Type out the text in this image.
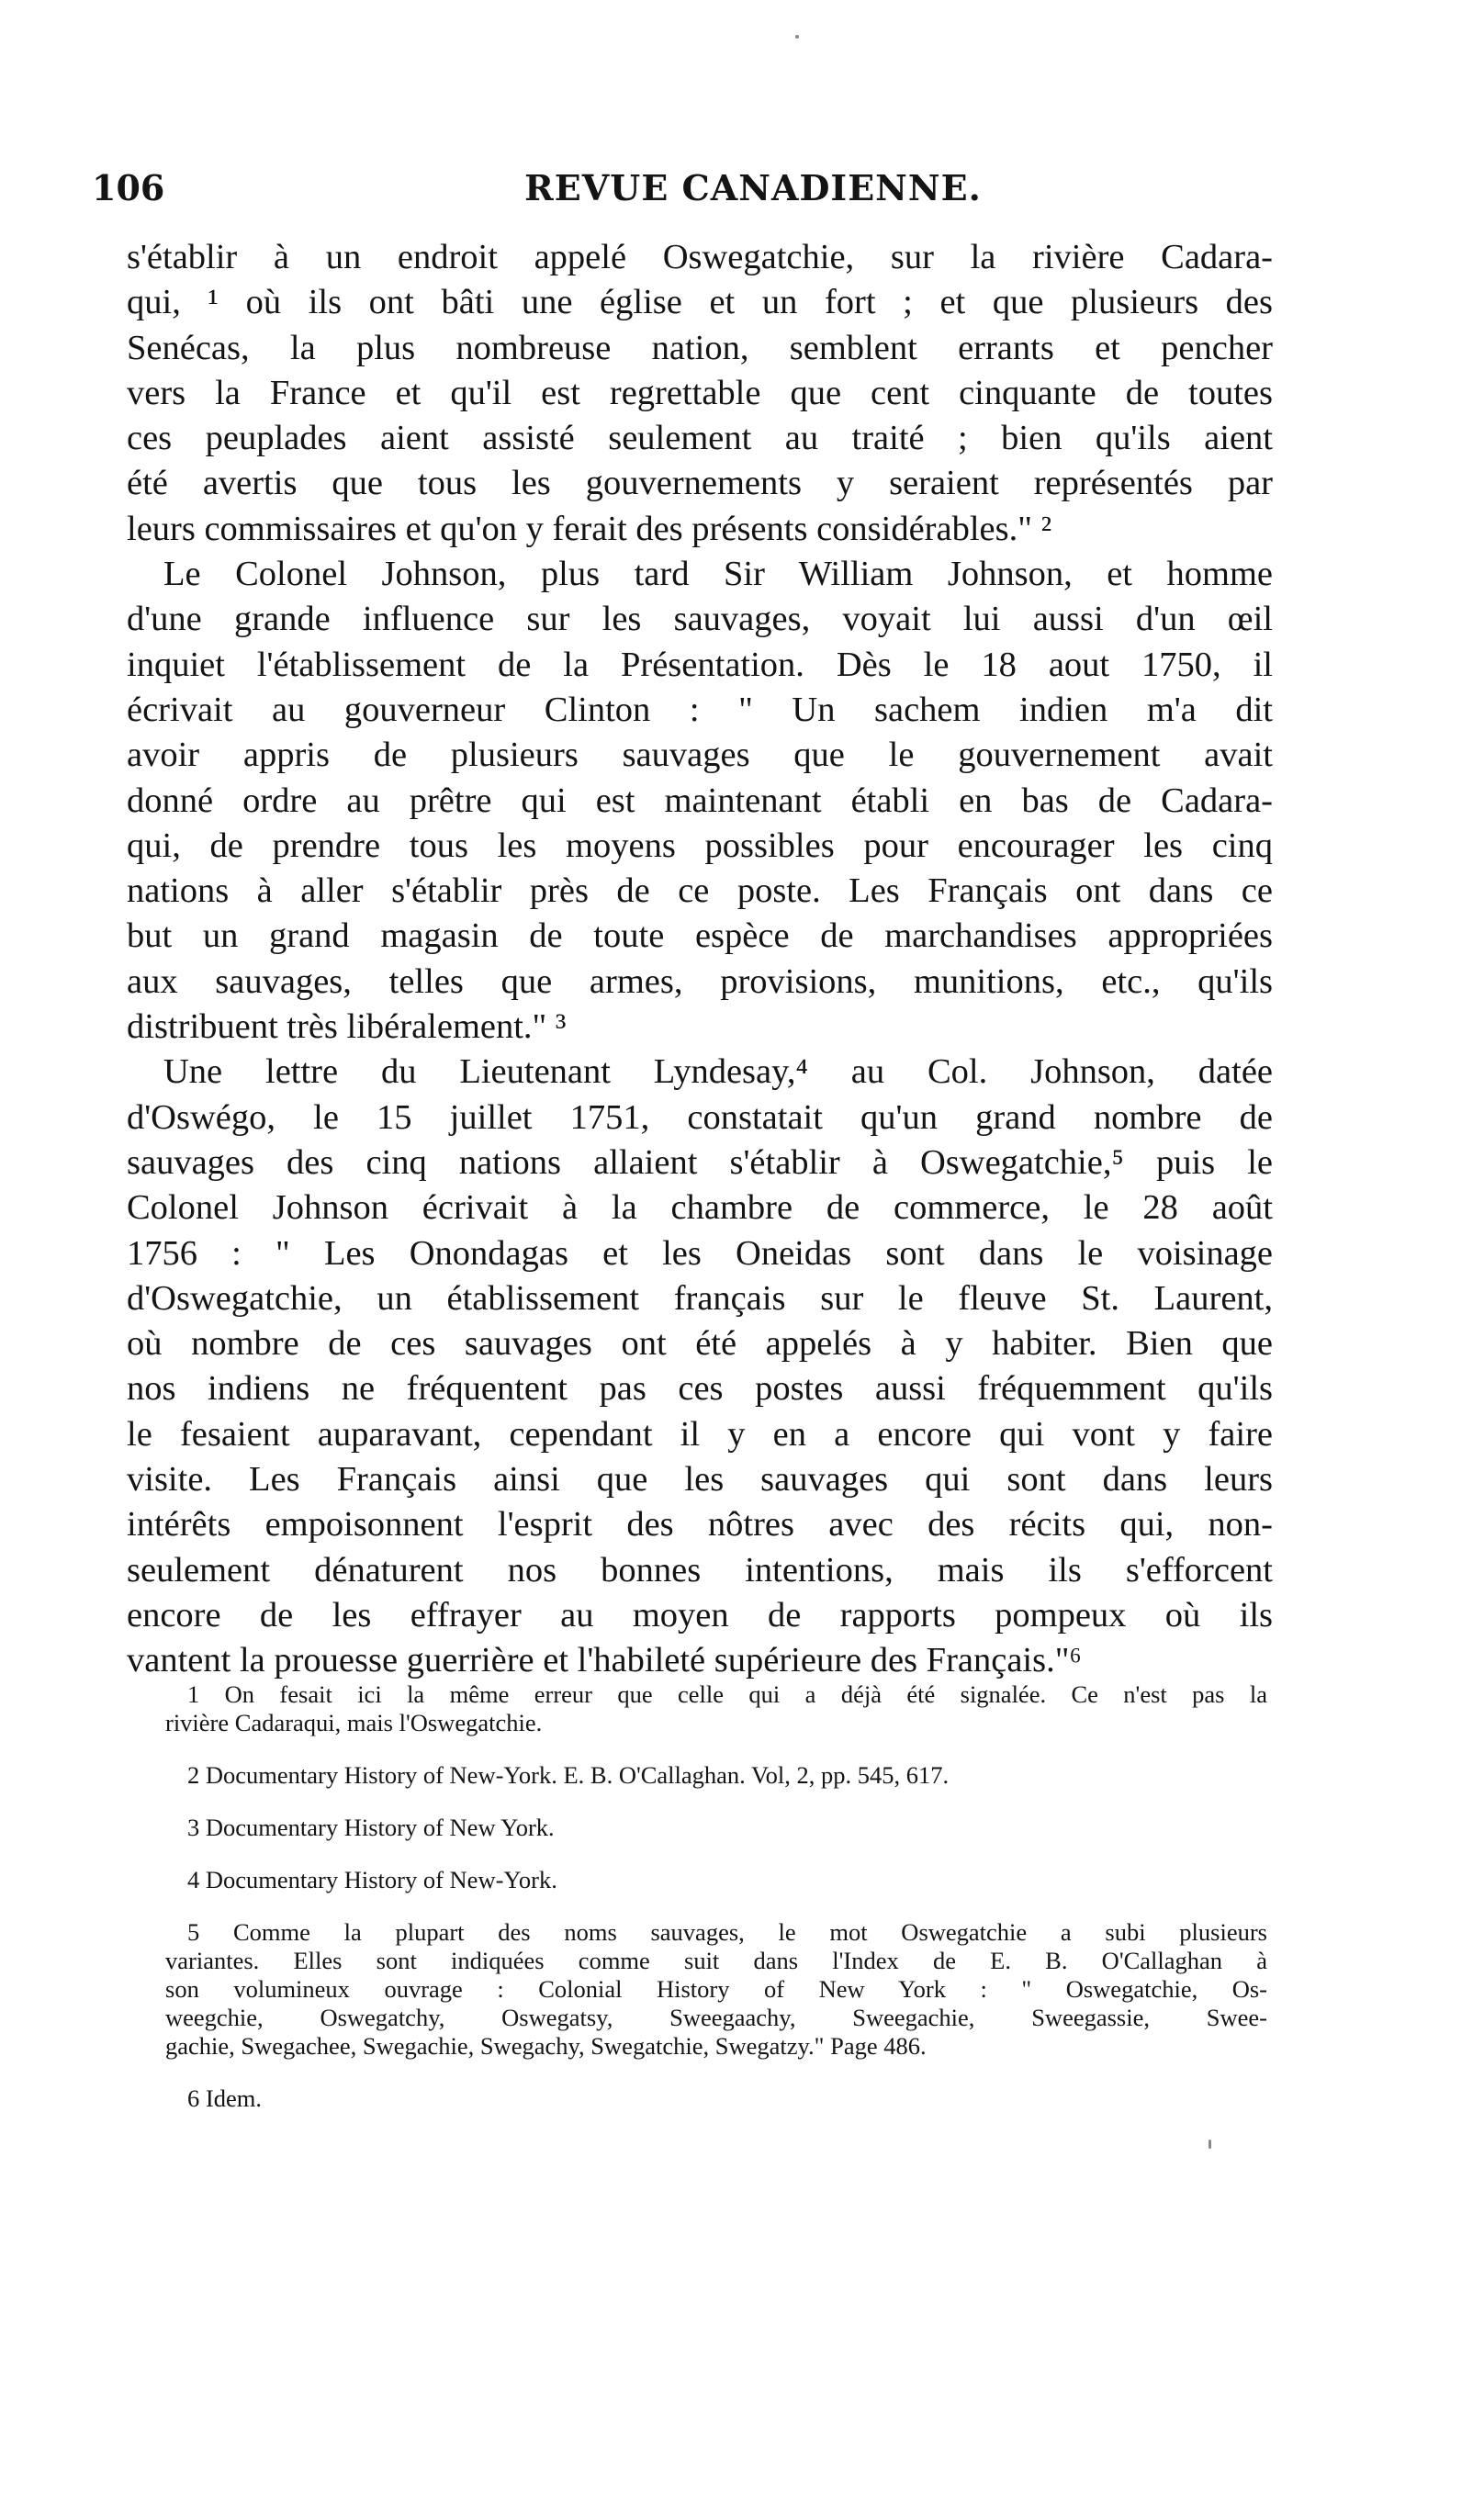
106	REVUE CANADIENNE.
s'établir à un endroit appelé Oswegatchie, sur la rivière Cadara-
qui, ¹ où ils ont bâti une église et un fort ; et que plusieurs des
Senécas, la plus nombreuse nation, semblent errants et pencher
vers la France et qu'il est regrettable que cent cinquante de toutes
ces peuplades aient assisté seulement au traité ; bien qu'ils aient
été avertis que tous les gouvernements y seraient représentés par
leurs commissaires et qu'on y ferait des présents considérables." ²
Le Colonel Johnson, plus tard Sir William Johnson, et homme
d'une grande influence sur les sauvages, voyait lui aussi d'un œil
inquiet l'établissement de la Présentation. Dès le 18 aout 1750, il
écrivait au gouverneur Clinton : " Un sachem indien m'a dit
avoir appris de plusieurs sauvages que le gouvernement avait
donné ordre au prêtre qui est maintenant établi en bas de Cadara-
qui, de prendre tous les moyens possibles pour encourager les cinq
nations à aller s'établir près de ce poste. Les Français ont dans ce
but un grand magasin de toute espèce de marchandises appropriées
aux sauvages, telles que armes, provisions, munitions, etc., qu'ils
distribuent très libéralement." ³
Une lettre du Lieutenant Lyndesay,⁴ au Col. Johnson, datée
d'Oswégo, le 15 juillet 1751, constatait qu'un grand nombre de
sauvages des cinq nations allaient s'établir à Oswegatchie,⁵ puis le
Colonel Johnson écrivait à la chambre de commerce, le 28 août
1756 : " Les Onondagas et les Oneidas sont dans le voisinage
d'Oswegatchie, un établissement français sur le fleuve St. Laurent,
où nombre de ces sauvages ont été appelés à y habiter. Bien que
nos indiens ne fréquentent pas ces postes aussi fréquemment qu'ils
le fesaient auparavant, cependant il y en a encore qui vont y faire
visite. Les Français ainsi que les sauvages qui sont dans leurs
intérêts empoisonnent l'esprit des nôtres avec des récits qui, non-
seulement dénaturent nos bonnes intentions, mais ils s'efforcent
encore de les effrayer au moyen de rapports pompeux où ils
vantent la prouesse guerrière et l'habileté supérieure des Français."⁶
1 On fesait ici la même erreur que celle qui a déjà été signalée. Ce n'est pas la
rivière Cadaraqui, mais l'Oswegatchie.
2 Documentary History of New-York. E. B. O'Callaghan. Vol, 2, pp. 545, 617.
3 Documentary History of New York.
4 Documentary History of New-York.
5 Comme la plupart des noms sauvages, le mot Oswegatchie a subi plusieurs
variantes. Elles sont indiquées comme suit dans l'Index de E. B. O'Callaghan à
son volumineux ouvrage : Colonial History of New York : " Oswegatchie, Os-
weegchie, Oswegatchy, Oswegatsy, Sweegaachy, Sweegachie, Sweegassie, Swee-
gachie, Swegachee, Swegachie, Swegachy, Swegatchie, Swegatzy." Page 486.
6 Idem.
